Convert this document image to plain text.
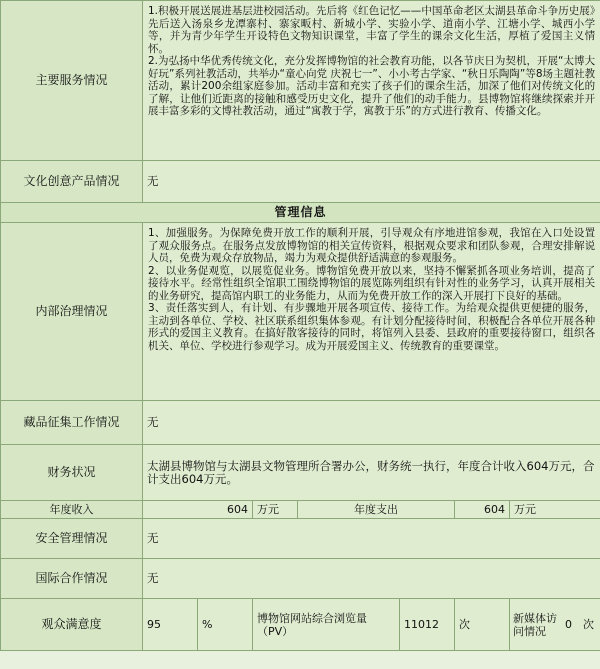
主要服务情况	1.积极开展送展进基层进校园活动。先后将《红色记忆——中国革命老区太湖县革命斗争历史展》先后送入汤泉乡龙潭寨村、寨家畈村、新城小学、实验小学、道南小学、江塘小学、城西小学等，并为青少年学生开设特色文物知识课堂，丰富了学生的课余文化生活，厚植了爱国主义情怀。
2.为弘扬中华优秀传统文化，充分发挥博物馆的社会教育功能，以各节庆日为契机，开展“太博大好玩”系列社教活动，共举办“童心向党 庆祝七一”、小小考古学家、“秋日乐陶陶”等8场主题社教活动，累计200余组家庭参加。活动丰富和充实了孩子们的课余生活，加深了他们对传统文化的了解，让他们近距离的接触和感受历史文化，提升了他们的动手能力。县博物馆将继续探索并开展丰富多彩的文博社教活动，通过“寓教于学，寓教于乐”的方式进行教育、传播文化。						
文化创意产品情况	无						
管理信息							
内部治理情况	1、加强服务。为保障免费开放工作的顺利开展，引导观众有序地进馆参观，我馆在入口处设置了观众服务点。在服务点发放博物馆的相关宣传资料，根据观众要求和团队参观，合理安排解说人员，免费为观众存放物品，竭力为观众提供舒适满意的参观服务。
2、以业务促观览，以展览促业务。博物馆免费开放以来，坚持不懈紧抓各项业务培训，提高了接待水平。经常性组织全馆职工围绕博物馆的展览陈列组织有针对性的业务学习，认真开展相关的业务研究，提高馆内职工的业务能力，从而为免费开放工作的深入开展打下良好的基础。
3、责任落实到人，有计划、有步骤地开展各项宣传、接待工作。为给观众提供更便捷的服务，主动到各单位、学校、社区联系组织集体参观。有计划分配接待时间，积极配合各单位开展各种形式的爱国主义教育。在搞好散客接待的同时，将馆列入县委、县政府的重要接待窗口，组织各机关、单位、学校进行参观学习。成为开展爱国主义、传统教育的重要课堂。						
藏品征集工作情况	无						
财务状况	太湖县博物馆与太湖县文物管理所合署办公，财务统一执行，年度合计收入604万元，合计支出604万元。						
年度收入	604		万元	年度支出		604	万元
安全管理情况	无						
国际合作情况	无						
观众满意度	95	%	博物馆网站综合浏览量（PV）		11012	次	新媒体访问情况 0 次
